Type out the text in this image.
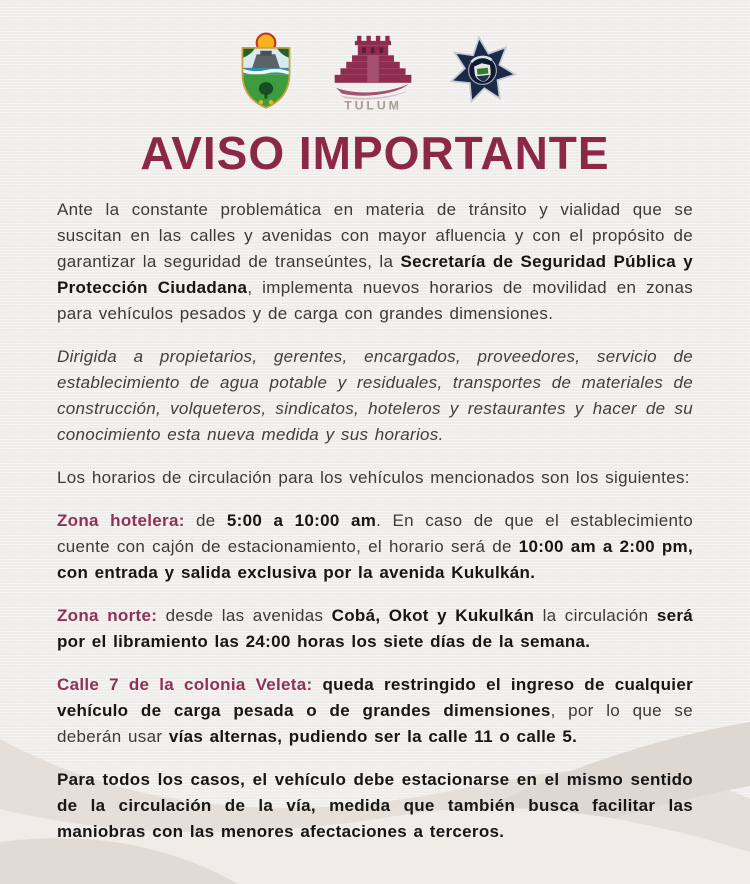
TULUM
AVISO IMPORTANTE

Ante la constante problemática en materia de tránsito y vialidad que se suscitan en las calles y avenidas con mayor afluencia y con el propósito de garantizar la seguridad de transeúntes, la Secretaría de Seguridad Pública y Protección Ciudadana, implementa nuevos horarios de movilidad en zonas para vehículos pesados y de carga con grandes dimensiones.

Dirigida a propietarios, gerentes, encargados, proveedores, servicio de establecimiento de agua potable y residuales, transportes de materiales de construcción, volqueteros, sindicatos, hoteleros y restaurantes y hacer de su conocimiento esta nueva medida y sus horarios.

Los horarios de circulación para los vehículos mencionados son los siguientes:

Zona hotelera: de 5:00 a 10:00 am. En caso de que el establecimiento cuente con cajón de estacionamiento, el horario será de 10:00 am a 2:00 pm, con entrada y salida exclusiva por la avenida Kukulkán.

Zona norte: desde las avenidas Cobá, Okot y Kukulkán la circulación será por el libramiento las 24:00 horas los siete días de la semana.

Calle 7 de la colonia Veleta: queda restringido el ingreso de cualquier vehículo de carga pesada o de grandes dimensiones, por lo que se deberán usar vías alternas, pudiendo ser la calle 11 o calle 5.

Para todos los casos, el vehículo debe estacionarse en el mismo sentido de la circulación de la vía, medida que también busca facilitar las maniobras con las menores afectaciones a terceros.
